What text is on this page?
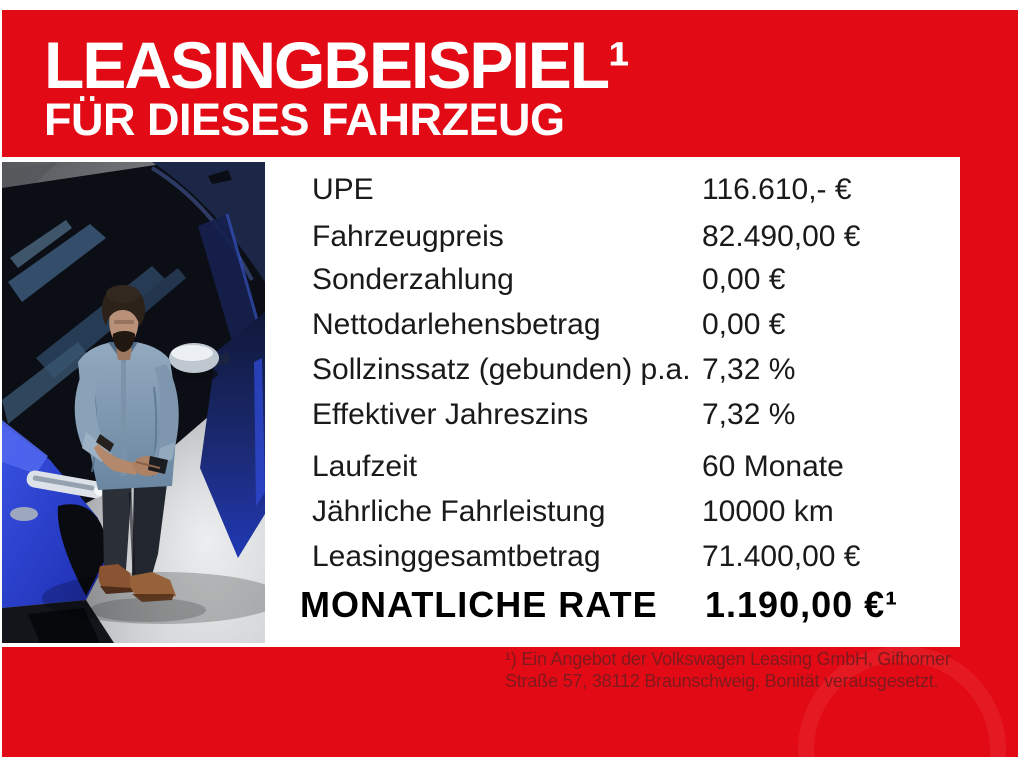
LEASINGBEISPIEL¹
FÜR DIESES FAHRZEUG
UPE	116.610,- €
Fahrzeugpreis	82.490,00 €
Sonderzahlung	0,00 €
Nettodarlehensbetrag	0,00 €
Sollzinssatz (gebunden) p.a. 7,32 %
Effektiver Jahreszins	7,32 %
Laufzeit	60 Monate
Jährliche Fahrleistung	10000 km
Leasinggesamtbetrag	71.400,00 €
MONATLICHE RATE 1.190,00 €¹
¹) Ein Angebot der Volkswagen Leasing GmbH, Gifhorner
Straße 57, 38112 Braunschweig. Bonität verausgesetzt.
